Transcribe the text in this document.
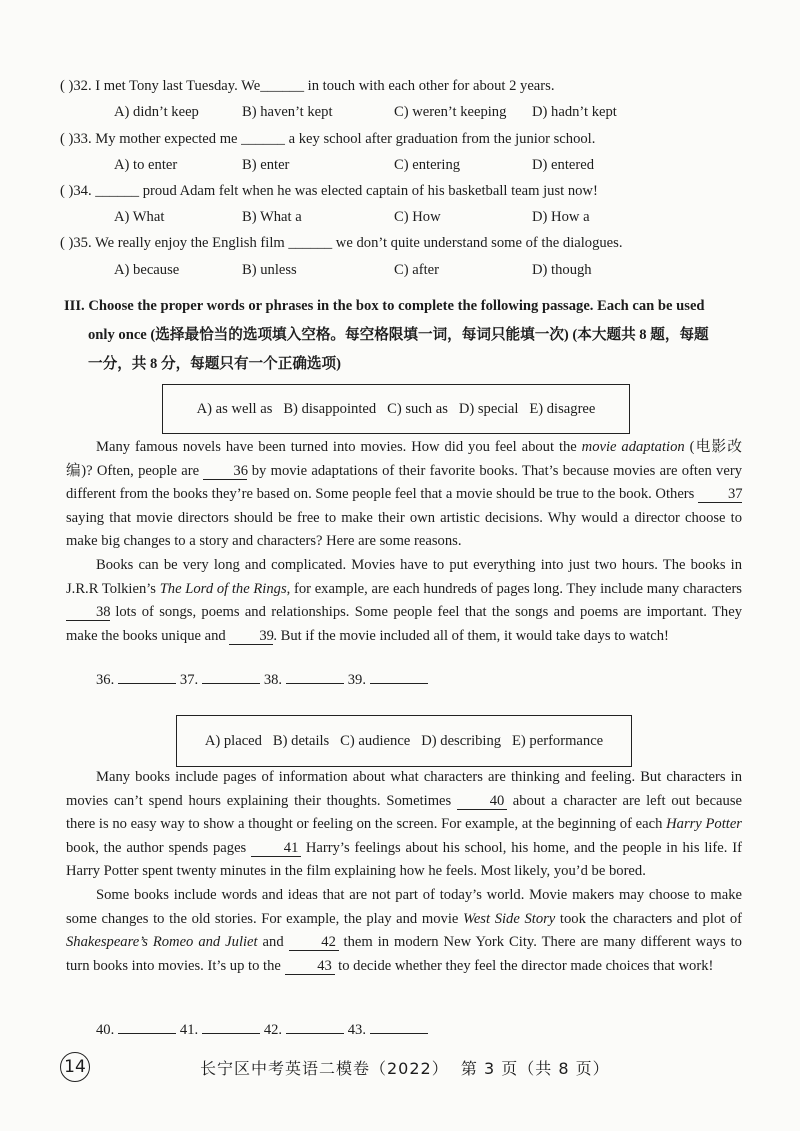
( )32. I met Tony last Tuesday. We______ in touch with each other for about 2 years.
A) didn’t keep	B) haven’t kept	C) weren’t keeping D) hadn’t kept
( )33. My mother expected me ______ a key school after graduation from the junior school.
A) to enter	B) enter	C) entering	D) entered
( )34. ______ proud Adam felt when he was elected captain of his basketball team just now!
A) What	B) What a	C) How	D) How a
( )35. We really enjoy the English film ______ we don’t quite understand some of the dialogues.
A) because	B) unless	C) after	D) though
III. Choose the proper words or phrases in the box to complete the following passage. Each can be used
only once (选择最恰当的选项填入空格。每空格限填一词，每词只能填一次) (本大题共 8 题，每题
一分，共 8 分，每题只有一个正确选项)
A) as well as   B) disappointed   C) such as   D) special   E) disagree

Many famous novels have been turned into movies. How did you feel about the movie adaptation (电影改编)? Often, people are 36 by movie adaptations of their favorite books. That’s because movies are often very different from the books they’re based on. Some people feel that a movie should be true to the book. Others 37 saying that movie directors should be free to make their own artistic decisions. Why would a director choose to make big changes to a story and characters? Here are some reasons.

Books can be very long and complicated. Movies have to put everything into just two hours. The books in J.R.R Tolkien’s The Lord of the Rings, for example, are each hundreds of pages long. They include many characters 38 lots of songs, poems and relationships. Some people feel that the songs and poems are important. They make the books unique and 39. But if the movie included all of them, it would take days to watch!

36.	37.	38.	39.
A) placed   B) details   C) audience   D) describing   E) performance

Many books include pages of information about what characters are thinking and feeling. But characters in movies can’t spend hours explaining their thoughts. Sometimes 40 about a character are left out because there is no easy way to show a thought or feeling on the screen. For example, at the beginning of each Harry Potter book, the author spends pages 41 Harry’s feelings about his school, his home, and the people in his life. If Harry Potter spent twenty minutes in the film explaining how he feels. Most likely, you’d be bored.

Some books include words and ideas that are not part of today’s world. Movie makers may choose to make some changes to the old stories. For example, the play and movie West Side Story took the characters and plot of Shakespeare’s Romeo and Juliet and 42 them in modern New York City. There are many different ways to turn books into movies. It’s up to the 43 to decide whether they feel the director made choices that work!

40.	41.	42.	43.
14	长宁区中考英语二模卷（2022）  第 3 页（共 8 页）
